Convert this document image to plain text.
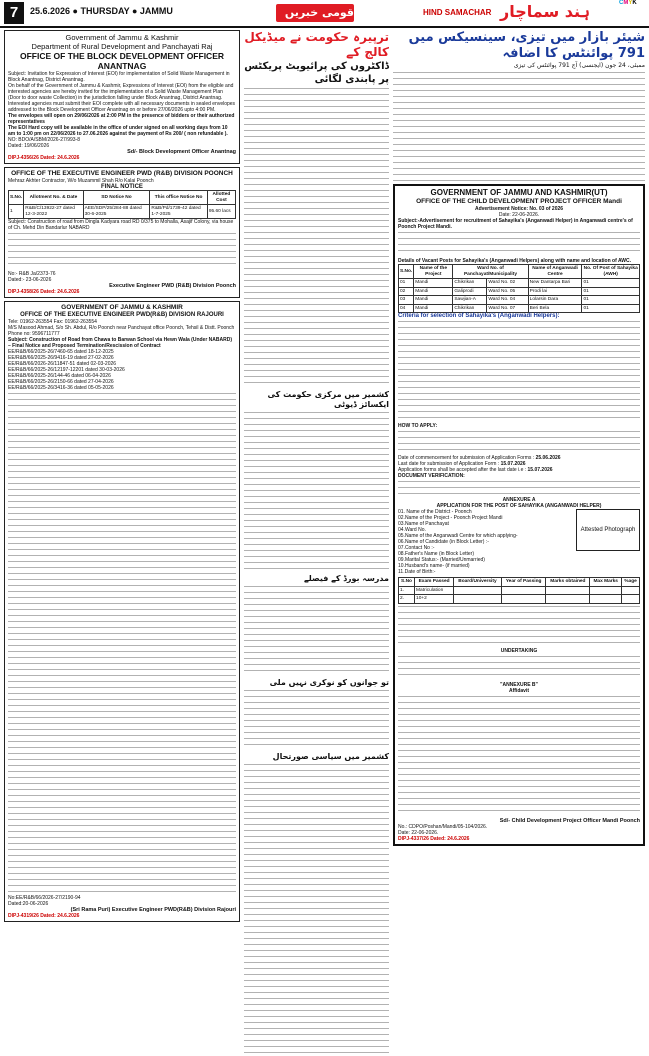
7	25.6.2026 ● THURSDAY ● JAMMU	قومی خبریں	HIND SAMACHAR ہند سماچار	CMYK
Government of Jammu & Kashmir
Department of Rural Development and Panchayati Raj
OFFICE OF THE BLOCK DEVELOPMENT OFFICER ANANTNAG
Subject: Invitation for Expression of Interest (EOI) for implementation of Solid Waste Management in Block Anantnag, District Anantnag.
On behalf of the Government of Jammu & Kashmir, Expressions of Interest (EOI) from the eligible and interested agencies are hereby invited for the implementation of a Solid Waste Management Plan (Door to door waste Collection) in the jurisdiction falling under Block Anantnag, District Anantnag.
Interested agencies must submit their EOI complete with all necessary documents in sealed envelopes addressed to the Block Development Officer Anantnag on or before 27/06/2026 upto 4:00 PM.
The envelopes will open on 29/06/2026 at 2:00 PM in the presence of bidders or their authorized representatives
The EOI Hard copy will be available in the office of under signed on all working days from 10 am to 1:00 pm on 22/06/2026 to 27.06.2026 against the payment of Rs 200/ ( non refundable ).
NO: BDO/A/SBM/2026-27/993-8
Dated: 19/06/2026
Sd/- Block Development Officer Anantnag
DIPJ-4356/26 Dated: 24.6.2026
OFFICE OF THE EXECUTIVE ENGINEER PWD (R&B) DIVISION POONCH
Mehraz Akhter Contractor, W/o Muzammil Shah R/o Kalai Poonch
FINAL NOTICE
S.No.	Allotment No. & Date	SD Notice No	This office Notice No	Allotted Cost
1	R&B/C/13922-27 dated 12-3-2022	AEE/SDP/25/284-88 dated 30-6-2025	R&B/Pd/1739-42 dated 1-7-2025	95.60 lacs
Subject: Construction of road from Dingla Kadyara road RD 0/375 to Mohalla, Asajif Colony, via house of Ch. Mehd Din Bandarlur NABARD
No:- R&B Ja/2373-76
Dated:- 23-06-2026
Executive Engineer PWD (R&B) Division Poonch
DIPJ-4358/26 Dated: 24.6.2026
GOVERNMENT OF JAMMU & KASHMIR
OFFICE OF THE EXECUTIVE ENGINEER PWD(R&B) DIVISION RAJOURI
Tele: 01962-263554 Fax: 01962-263554
M/S Masood Ahmad, S/o Sh. Abdul, R/o Poonch near Panchayat office Poonch, Tehsil & Distt. Poonch Phone no: 9596711777
Subject: Construction of Road from Chawa to Barwan School via Hewn Wala (Under NABARD) – Final Notice and Proposed Termination/Rescission of Contract
EE/R&B/66/2025-26/7460-65 dated 18-12-2025
EE/R&B/66/2025-26/9416-19 dated 27-02-2026
EE/R&B/66/2026-26/11847-51 dated 02-03-2026
EE/R&B/66/2025-26/12197-12201 dated 30-03-2026
EE/R&B/66/2025-26/144-46 dated 06-04-2026
EE/R&B/66/2025-26/2150-66 dated 27-04-2026
EE/R&B/66/2025-26/3416-36 dated 05-05-2026
No:EE/R&B/66/2026-27/2190-94
Dated:20-06-2026
(Sri Rama Puri) Executive Engineer PWD(R&B) Division Rajouri
DIPJ-4319/26 Dated: 24.6.2026
ترپیرہ حکومت نے میڈیکل کالج کے
ڈاکٹروں کی پرائیویٹ پریکٹس پر پابندی لگائی
کشمیر میں مرکزی حکومت کی ایکسائز ڈیوٹی
مدرسہ بورڈ کے فیصلے
تو جوانوں کو نوکری نہیں ملی
کشمیر میں سیاسی صورتحال
شیئر بازار میں تیزی، سینسیکس میں 791 پوائنٹس کا اضافہ
ممبئی، 24 جون (ایجنسی) آج 791 پوائنٹس کی تیزی
GOVERNMENT OF JAMMU AND KASHMIR(UT)
OFFICE OF THE CHILD DEVELOPMENT PROJECT OFFICER Mandi
Advertisement Notice: No. 03 of 2026
Date: 22-06-2026.
Subject:-Advertisement for recruitment of Sahayika's (Anganwadi Helper) in Anganwadi centre's of Poonch Project Mandi.
Details of Vacant Posts for Sahayika's (Anganwadi Helpers) along with name and location of AWC.
S.No.	Name of the Project	Ward No. of Panchayat/Municipality		Name of Anganwadi Centre	No. Of Post of Sahayika (AWH)
01	Mandi	Chikrikan	Ward No. 02	New Dantarpa Bari	01
02	Mandi	Galiprodi	Ward No. 05	Prodi lai	01
03	Mandi	Sawjian-A	Ward No. 04	Lolarsin Dara	01
04	Mandi	Chikrikan	Ward No. 07	Beri Bela	01
Criteria for selection of Sahayika's (Anganwadi Helpers):
HOW TO APPLY:
Date of commencement for submission of Application Forms : 25.06.2026
Last date for submission of Application Form : 15.07.2026
Application forms shall be accepted after the last date i.e : 15.07.2026
DOCUMENT VERIFICATION:
ANNEXURE A
APPLICATION FOR THE POST OF SAHAYIKA (ANGANWADI HELPER)
01. Name of the District - Poonch
02.Name of the Project - Poonch Project Mandi
03.Name of Panchayat
04.Ward No.
05.Name of the Anganwadi Centre for which applying-
06.Name of Candidate (in Block Letter) :-
07.Contact No :-
08.Father's Name (in Block Letter)
09.Marital Status:- (Married/Unmarried)
10.Husband's name- (if married)
11.Date of Birth:-
Attested Photograph
S.No	Exam Passed	Board/University	Year of Passing	Marks obtained	Max Marks	%age
1.	Matriculation					
2.	10+2					
UNDERTAKING
"ANNEXURE B"
Affidavit
Sd/- Child Development Project Officer Mandi Poonch
No.: CDPO/Poshan/Mandi/05-104/2026.
Date: 22-06-2026.
DIPJ-4337/26 Dated: 24.6.2026
